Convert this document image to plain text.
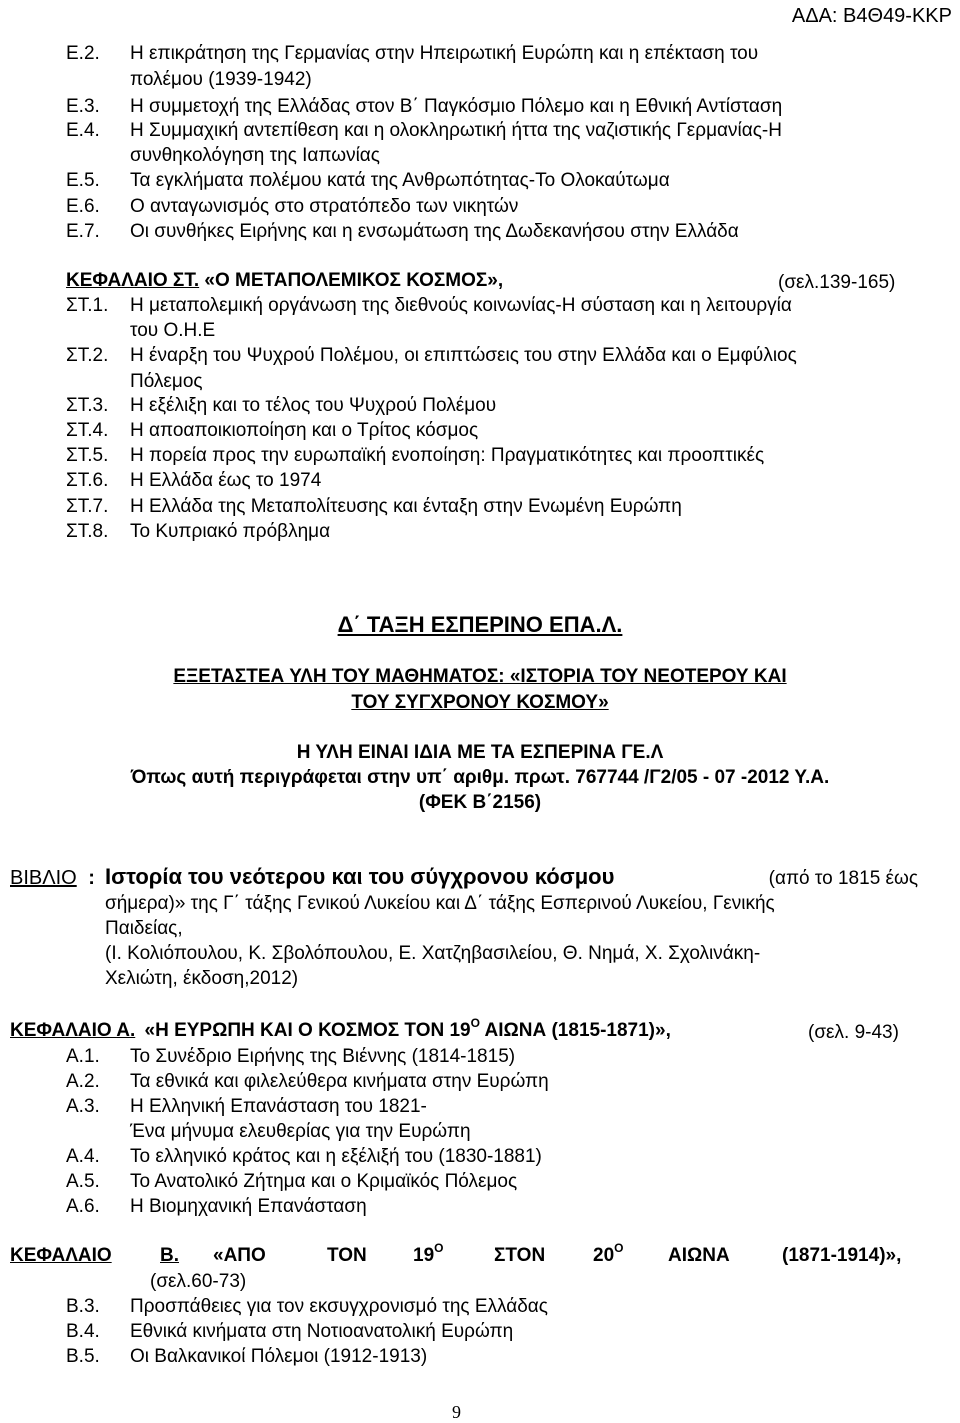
ΑΔΑ: Β4Θ49-ΚΚΡ
Ε.2. Η επικράτηση της Γερμανίας στην Ηπειρωτική Ευρώπη και η επέκταση του
πολέμου (1939-1942)
Ε.3. Η συμμετοχή της Ελλάδας στον Β΄ Παγκόσμιο Πόλεμο και η Εθνική Αντίσταση
Ε.4. Η Συμμαχική αντεπίθεση και η ολοκληρωτική ήττα της ναζιστικής Γερμανίας-Η
συνθηκολόγηση της Ιαπωνίας
Ε.5. Τα εγκλήματα πολέμου κατά της Ανθρωπότητας-Το Ολοκαύτωμα
Ε.6. Ο ανταγωνισμός στο στρατόπεδο των νικητών
Ε.7. Οι συνθήκες Ειρήνης και η ενσωμάτωση της Δωδεκανήσου στην Ελλάδα
ΚΕΦΑΛΑΙΟ ΣΤ. «Ο ΜΕΤΑΠΟΛΕΜΙΚΟΣ ΚΟΣΜΟΣ»,	(σελ.139-165)
ΣΤ.1. Η μεταπολεμική οργάνωση της διεθνούς κοινωνίας-Η σύσταση και η λειτουργία
του Ο.Η.Ε
ΣΤ.2. Η έναρξη του Ψυχρού Πολέμου, οι επιπτώσεις του στην Ελλάδα και ο Εμφύλιος
Πόλεμος
ΣΤ.3. Η εξέλιξη και το τέλος του Ψυχρού Πολέμου
ΣΤ.4. Η αποαποικιοποίηση και ο Τρίτος κόσμος
ΣΤ.5. Η πορεία προς την ευρωπαϊκή ενοποίηση: Πραγματικότητες και προοπτικές
ΣΤ.6. Η Ελλάδα έως το 1974
ΣΤ.7. Η Ελλάδα της Μεταπολίτευσης και ένταξη στην Ενωμένη Ευρώπη
ΣΤ.8. Το Κυπριακό πρόβλημα
Δ΄ ΤΑΞΗ ΕΣΠΕΡΙΝΟ ΕΠΑ.Λ.
ΕΞΕΤΑΣΤΕΑ ΥΛΗ ΤΟΥ ΜΑΘΗΜΑΤΟΣ: «ΙΣΤΟΡΙΑ ΤΟΥ ΝΕΟΤΕΡΟΥ ΚΑΙ
ΤΟΥ ΣΥΓΧΡΟΝΟΥ ΚΟΣΜΟΥ»
Η ΥΛΗ ΕΙΝΑΙ ΙΔΙΑ ΜΕ ΤΑ ΕΣΠΕΡΙΝΑ ΓΕ.Λ
Όπως αυτή περιγράφεται στην υπ΄ αριθμ. πρωτ. 767744 /Γ2/05 - 07 -2012 Υ.Α.
(ΦΕΚ Β΄2156)
ΒΙΒΛΙΟ : Ιστορία του νεότερου και του σύγχρονου κόσμου	(από το 1815 έως
σήμερα)» της Γ΄ τάξης Γενικού Λυκείου και Δ΄ τάξης Εσπερινού Λυκείου, Γενικής
Παιδείας,
(Ι. Κολιόπουλου, Κ. Σβολόπουλου, Ε. Χατζηβασιλείου, Θ. Νημά, Χ. Σχολινάκη-
Χελιώτη, έκδοση,2012)
ΚΕΦΑΛΑΙΟ Α. «Η ΕΥΡΩΠΗ ΚΑΙ Ο ΚΟΣΜΟΣ ΤΟΝ $19^O$ ΑΙΩΝΑ (1815-1871)»,	(σελ. 9-43)
Α.1. Το Συνέδριο Ειρήνης της Βιέννης (1814-1815)
Α.2. Τα εθνικά και φιλελεύθερα κινήματα στην Ευρώπη
Α.3. Η Ελληνική Επανάσταση του 1821-
Ένα μήνυμα ελευθερίας για την Ευρώπη
Α.4. Το ελληνικό κράτος και η εξέλιξή του (1830-1881)
Α.5. Το Ανατολικό Ζήτημα και ο Κριμαϊκός Πόλεμος
Α.6. Η Βιομηχανική Επανάσταση
ΚΕΦΑΛΑΙΟ	Β. «ΑΠΟ	ΤΟΝ $19^O$	ΣΤΟΝ	$20^O$ ΑΙΩΝΑ	(1871-1914)»,
(σελ.60-73)
Β.3. Προσπάθειες για τον εκσυγχρονισμό της Ελλάδας
Β.4. Εθνικά κινήματα στη Νοτιοανατολική Ευρώπη
Β.5. Οι Βαλκανικοί Πόλεμοι (1912-1913)
9
